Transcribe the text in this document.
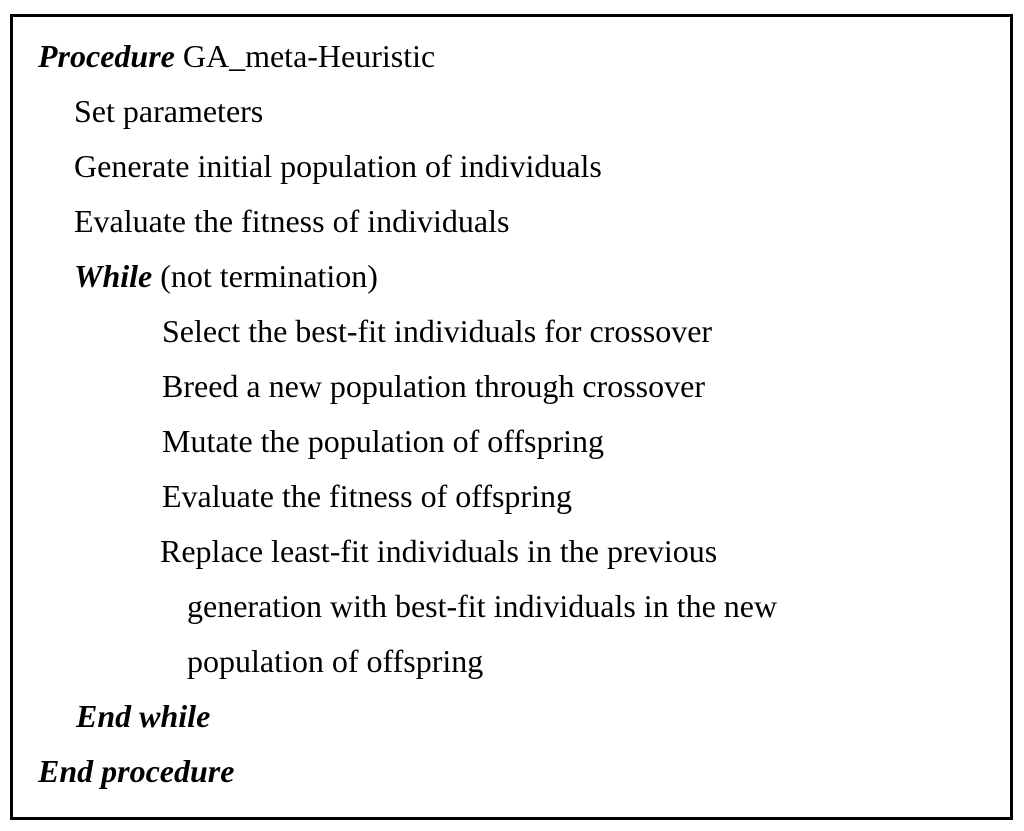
Procedure GA_meta-Heuristic
Set parameters
Generate initial population of individuals
Evaluate the fitness of individuals
While (not termination)
Select the best-fit individuals for crossover
Breed a new population through crossover
Mutate the population of offspring
Evaluate the fitness of offspring
Replace least-fit individuals in the previous
generation with best-fit individuals in the new
population of offspring
End while
End procedure
